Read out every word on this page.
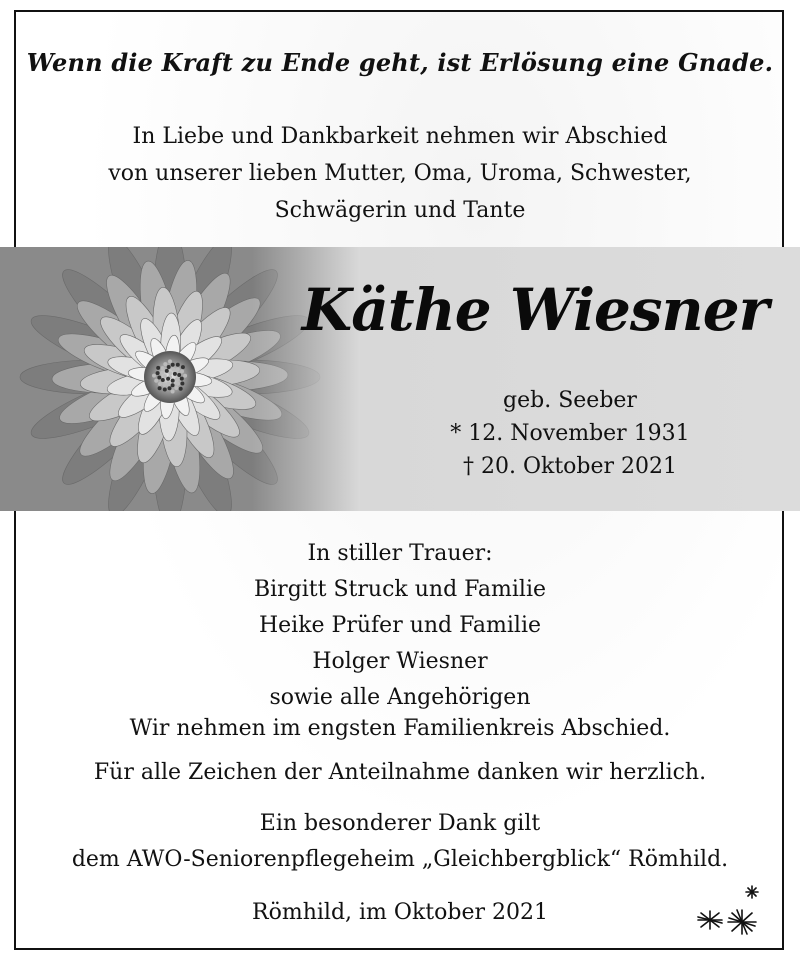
Wenn die Kraft zu Ende geht, ist Erlösung eine Gnade.
In Liebe und Dankbarkeit nehmen wir Abschied
von unserer lieben Mutter, Oma, Uroma, Schwester,
Schwägerin und Tante
Käthe Wiesner
geb. Seeber
* 12. November 1931
† 20. Oktober 2021
In stiller Trauer:
Birgitt Struck und Familie
Heike Prüfer und Familie
Holger Wiesner
sowie alle Angehörigen
Wir nehmen im engsten Familienkreis Abschied.
Für alle Zeichen der Anteilnahme danken wir herzlich.
Ein besonderer Dank gilt
dem AWO-Seniorenpflegeheim „Gleichbergblick“ Römhild.
Römhild, im Oktober 2021
